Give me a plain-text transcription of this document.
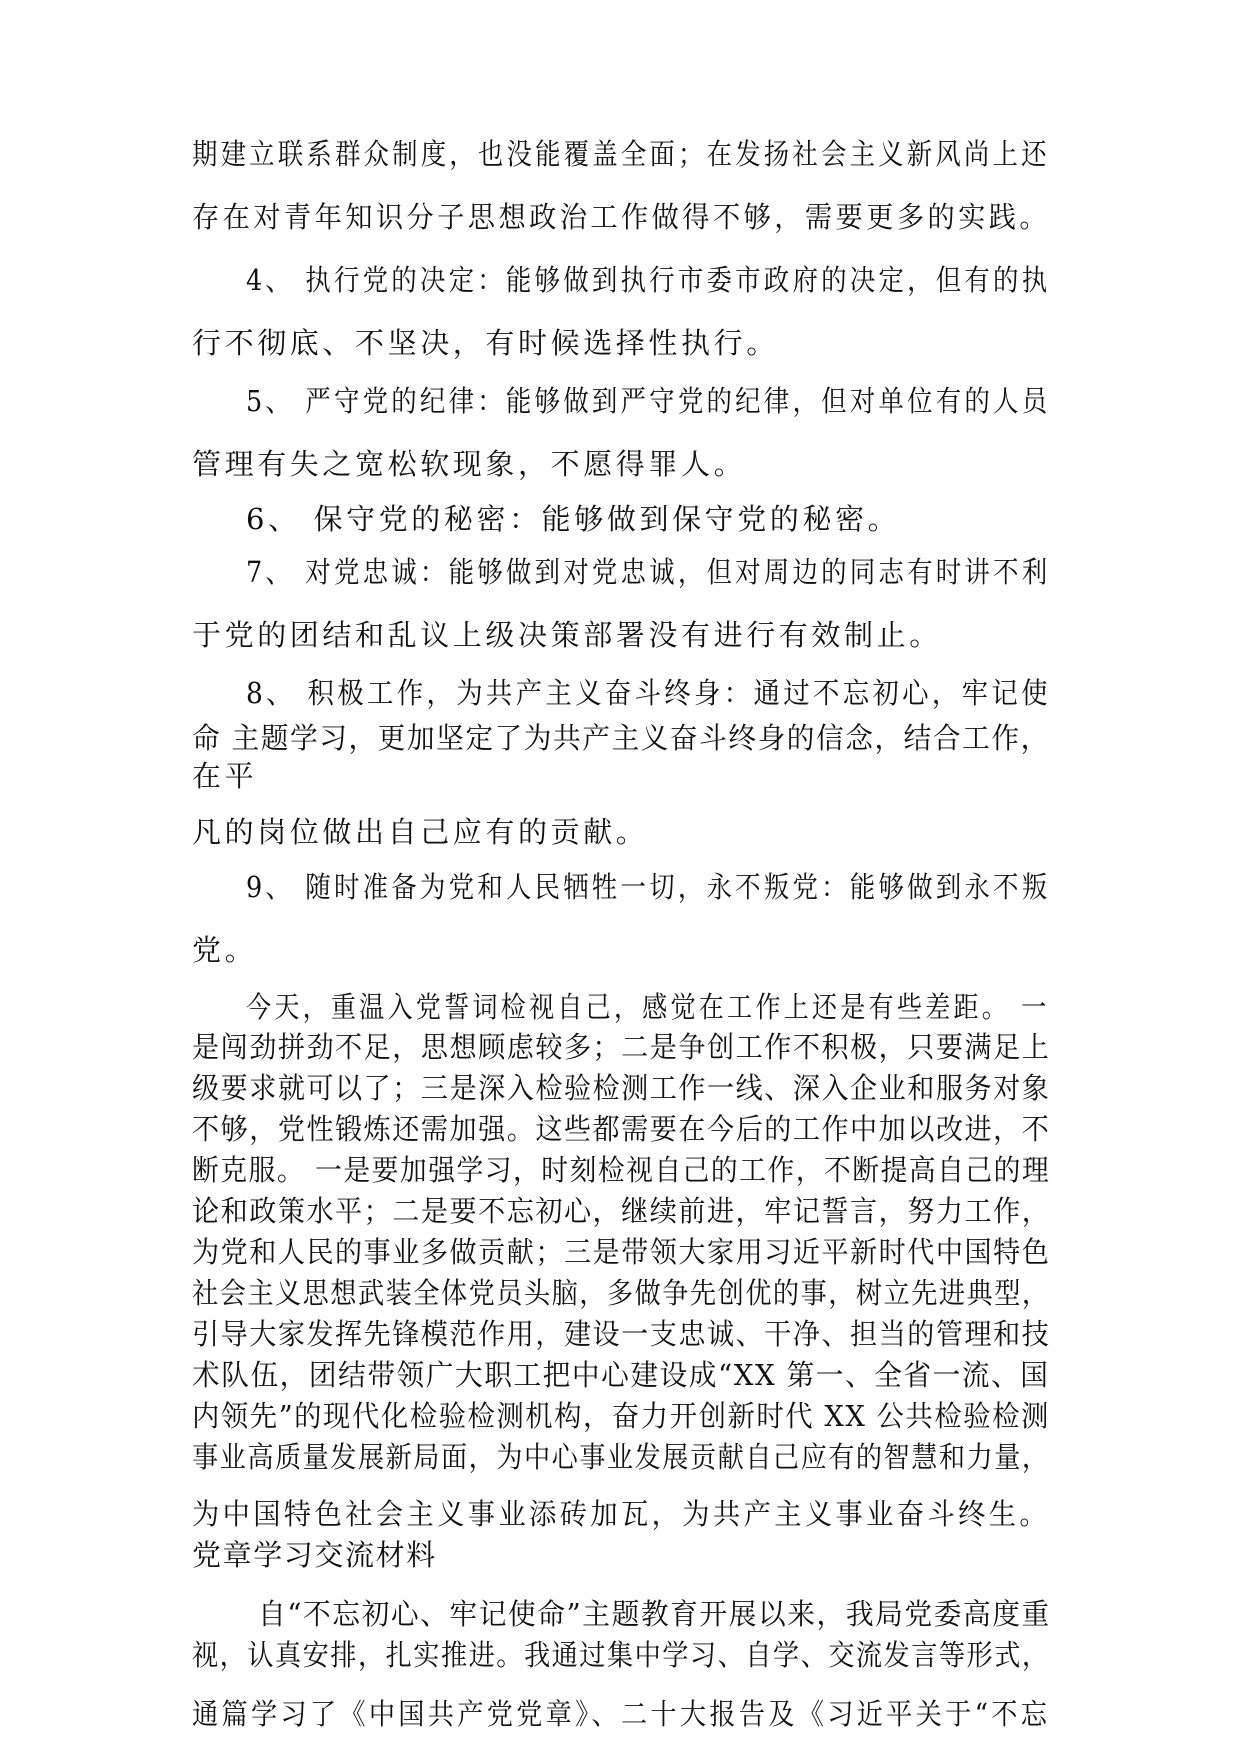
期建立联系群众制度，也没能覆盖全面；在发扬社会主义新风尚上还
存在对青年知识分子思想政治工作做得不够，需要更多的实践。
4、 执行党的决定：能够做到执行市委市政府的决定，但有的执
行不彻底、不坚决，有时候选择性执行。
5、 严守党的纪律：能够做到严守党的纪律，但对单位有的人员
管理有失之宽松软现象，不愿得罪人。
6、 保守党的秘密：能够做到保守党的秘密。
7、 对党忠诚：能够做到对党忠诚，但对周边的同志有时讲不利
于党的团结和乱议上级决策部署没有进行有效制止。
8、 积极工作，为共产主义奋斗终身：通过不忘初心，牢记使
命 主题学习，更加坚定了为共产主义奋斗终身的信念，结合工作，
在平
凡的岗位做出自己应有的贡献。
9、 随时准备为党和人民牺牲一切，永不叛党：能够做到永不叛
党。
今天，重温入党誓词检视自己，感觉在工作上还是有些差距。 一
是闯劲拼劲不足，思想顾虑较多；二是争创工作不积极，只要满足上
级要求就可以了；三是深入检验检测工作一线、深入企业和服务对象
不够，党性锻炼还需加强。这些都需要在今后的工作中加以改进，不
断克服。 一是要加强学习，时刻检视自己的工作，不断提高自己的理
论和政策水平；二是要不忘初心，继续前进，牢记誓言，努力工作，
为党和人民的事业多做贡献；三是带领大家用习近平新时代中国特色
社会主义思想武装全体党员头脑，多做争先创优的事，树立先进典型，
引导大家发挥先锋模范作用，建设一支忠诚、干净、担当的管理和技
术队伍，团结带领广大职工把中心建设成“XX 第一、全省一流、国
内领先”的现代化检验检测机构，奋力开创新时代 XX 公共检验检测
事业高质量发展新局面，为中心事业发展贡献自己应有的智慧和力量，
为中国特色社会主义事业添砖加瓦，为共产主义事业奋斗终生。
党章学习交流材料
自“不忘初心、牢记使命”主题教育开展以来，我局党委高度重
视，认真安排，扎实推进。我通过集中学习、自学、交流发言等形式，
通篇学习了《中国共产党党章》、二十大报告及《习近平关于“不忘
